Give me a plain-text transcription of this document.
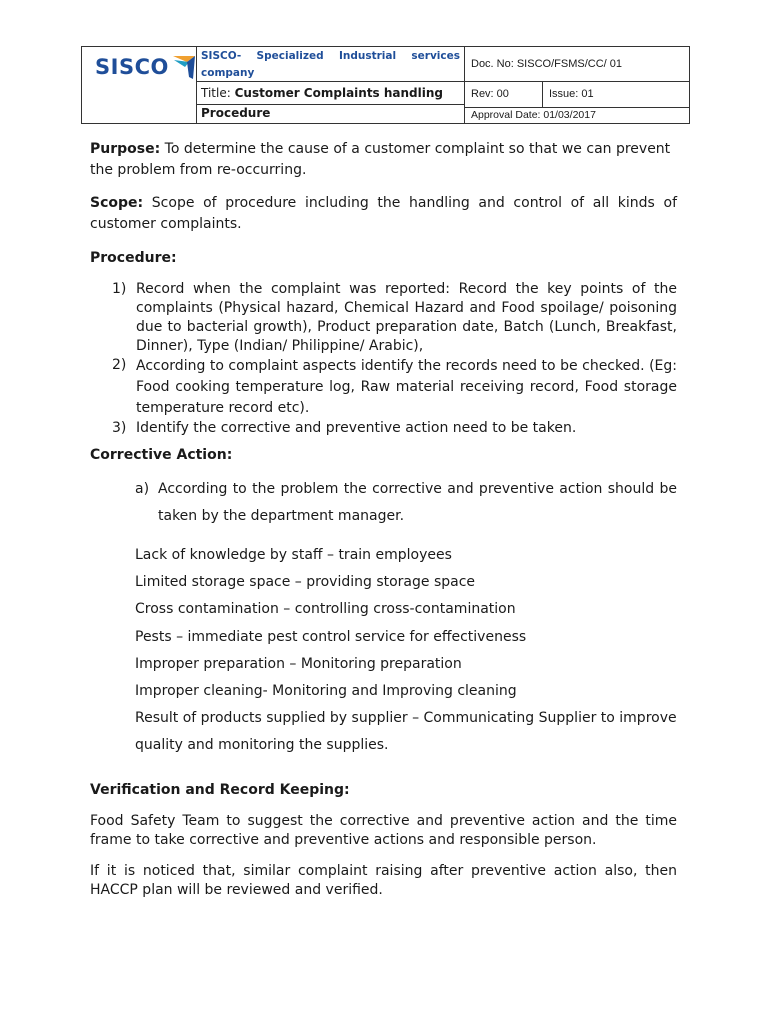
SISCO	SISCO- Specialized Industrial services company
Title: Customer Complaints handling
Procedure
Doc. No: SISCO/FSMS/CC/ 01
Rev: 00	Issue: 01
Approval Date: 01/03/2017
Purpose: To determine the cause of a customer complaint so that we can prevent the problem from re-occurring.
Scope: Scope of procedure including the handling and control of all kinds of customer complaints.
Procedure:
1) Record when the complaint was reported: Record the key points of the complaints (Physical hazard, Chemical Hazard and Food spoilage/ poisoning due to bacterial growth), Product preparation date, Batch (Lunch, Breakfast, Dinner), Type (Indian/ Philippine/ Arabic),
2) According to complaint aspects identify the records need to be checked. (Eg: Food cooking temperature log, Raw material receiving record, Food storage temperature record etc).
3) Identify the corrective and preventive action need to be taken.
Corrective Action:
a) According to the problem the corrective and preventive action should be taken by the department manager.
Lack of knowledge by staff – train employees
Limited storage space – providing storage space
Cross contamination – controlling cross-contamination
Pests – immediate pest control service for effectiveness
Improper preparation – Monitoring preparation
Improper cleaning- Monitoring and Improving cleaning
Result of products supplied by supplier – Communicating Supplier to improve quality and monitoring the supplies.
Verification and Record Keeping:
Food Safety Team to suggest the corrective and preventive action and the time frame to take corrective and preventive actions and responsible person.
If it is noticed that, similar complaint raising after preventive action also, then HACCP plan will be reviewed and verified.
